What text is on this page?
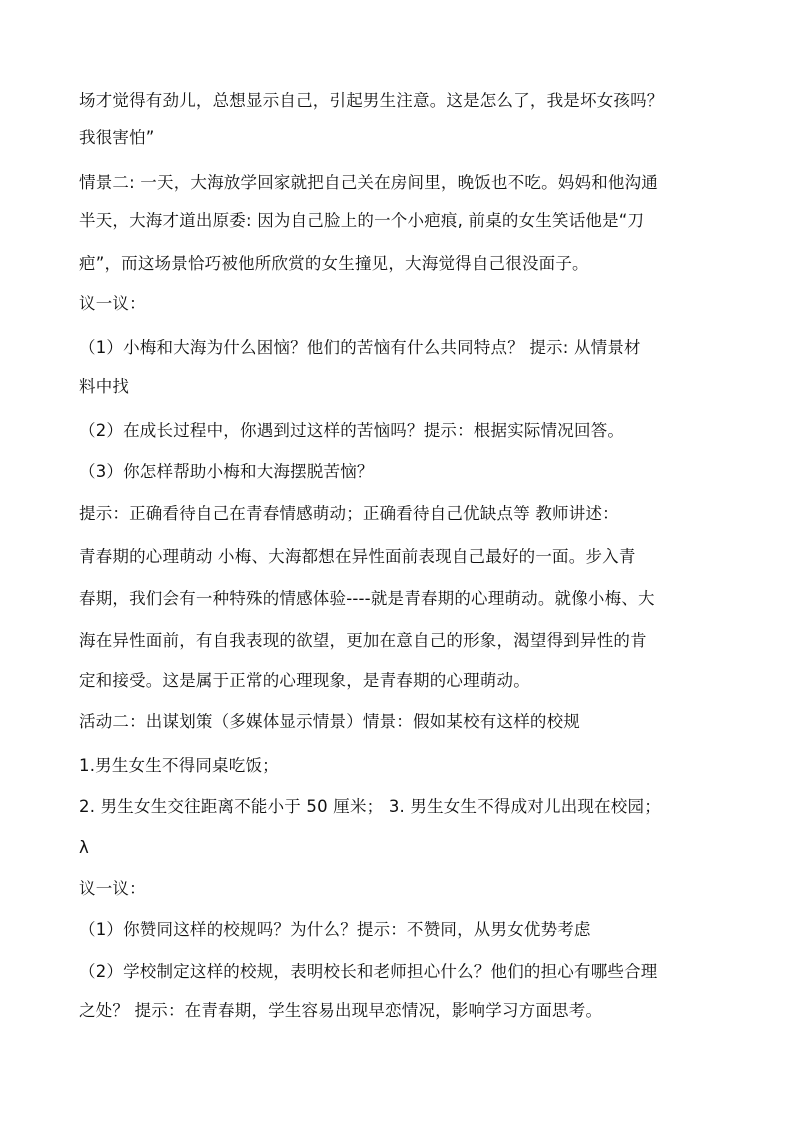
场才觉得有劲儿，总想显示自己，引起男生注意。这是怎么了，我是坏女孩吗？
我很害怕”
情景二: 一天，大海放学回家就把自己关在房间里，晚饭也不吃。妈妈和他沟通
半天，大海才道出原委: 因为自己脸上的一个小疤痕, 前桌的女生笑话他是“刀
疤”，而这场景恰巧被他所欣赏的女生撞见，大海觉得自己很没面子。
议一议：
（1）小梅和大海为什么困恼？他们的苦恼有什么共同特点？ 提示: 从情景材
料中找
（2）在成长过程中，你遇到过这样的苦恼吗？提示：根据实际情况回答。
（3）你怎样帮助小梅和大海摆脱苦恼？
提示：正确看待自己在青春情感萌动；正确看待自己优缺点等 教师讲述：
青春期的心理萌动 小梅、大海都想在异性面前表现自己最好的一面。步入青
春期，我们会有一种特殊的情感体验----就是青春期的心理萌动。就像小梅、大
海在异性面前，有自我表现的欲望，更加在意自己的形象，渴望得到异性的肯
定和接受。这是属于正常的心理现象，是青春期的心理萌动。
活动二：出谋划策（多媒体显示情景）情景：假如某校有这样的校规
1.男生女生不得同桌吃饭；
2. 男生女生交往距离不能小于 50 厘米； 3. 男生女生不得成对儿出现在校园；
λ
议一议：
（1）你赞同这样的校规吗？为什么？提示：不赞同，从男女优势考虑
（2）学校制定这样的校规，表明校长和老师担心什么？他们的担心有哪些合理
之处？ 提示：在青春期，学生容易出现早恋情况，影响学习方面思考。
